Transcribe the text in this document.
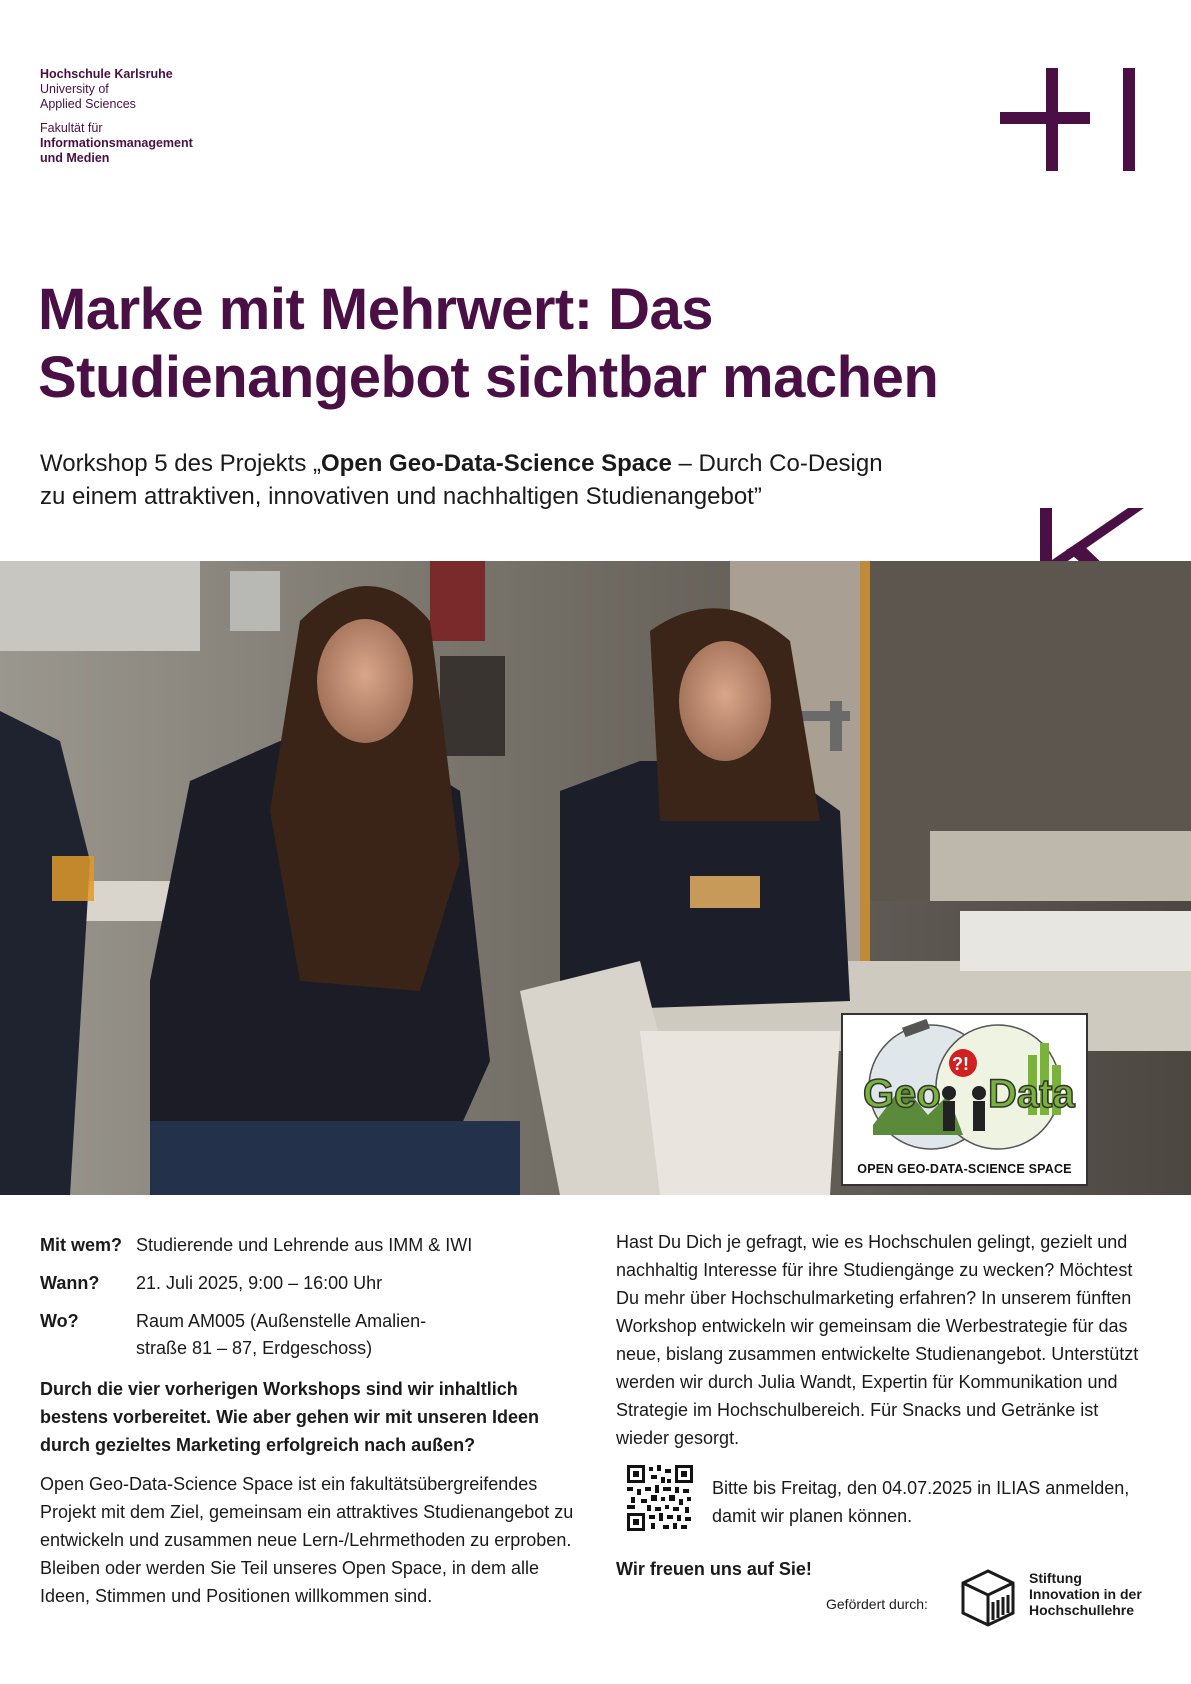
Hochschule Karlsruhe
University of
Applied Sciences
Fakultät für
Informationsmanagement
und Medien
Marke mit Mehrwert: Das
Studienangebot sichtbar machen
Workshop 5 des Projekts „Open Geo-Data-Science Space – Durch Co-Design
zu einem attraktiven, innovativen und nachhaltigen Studienangebot”
Geo Data
?!
OPEN GEO-DATA-SCIENCE SPACE
Mit wem? Studierende und Lehrende aus IMM & IWI
Wann?	21. Juli 2025, 9:00 – 16:00 Uhr
Wo?	Raum AM005 (Außenstelle Amalien-
straße 81 – 87, Erdgeschoss)
Durch die vier vorherigen Workshops sind wir inhaltlich bestens vorbereitet. Wie aber gehen wir mit unseren Ideen durch gezieltes Marketing erfolgreich nach außen?
Open Geo-Data-Science Space ist ein fakultätsübergreifendes Projekt mit dem Ziel, gemeinsam ein attraktives Studienangebot zu entwickeln und zusammen neue Lern-/Lehrmethoden zu erproben. Bleiben oder werden Sie Teil unseres Open Space, in dem alle Ideen, Stimmen und Positionen willkommen sind.
Hast Du Dich je gefragt, wie es Hochschulen gelingt, gezielt und nachhaltig Interesse für ihre Studiengänge zu wecken? Möchtest Du mehr über Hochschulmarketing erfahren? In unserem fünften Workshop entwickeln wir gemeinsam die Werbestrategie für das neue, bislang zusammen entwickelte Studienangebot. Unterstützt werden wir durch Julia Wandt, Expertin für Kommunikation und Strategie im Hochschulbereich. Für Snacks und Getränke ist wieder gesorgt.
Bitte bis Freitag, den 04.07.2025 in ILIAS anmelden, damit wir planen können.
Wir freuen uns auf Sie!
Gefördert durch:
Stiftung
Innovation in der
Hochschullehre
